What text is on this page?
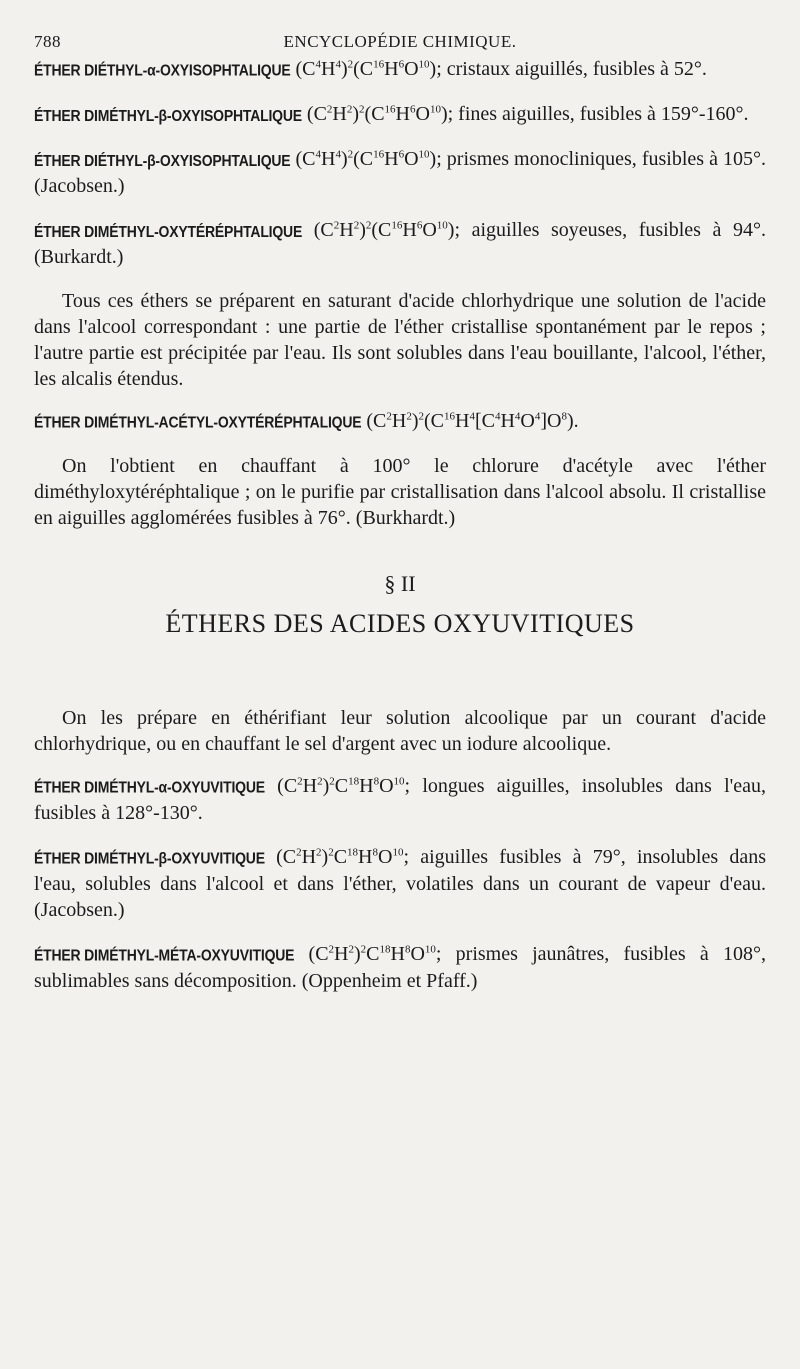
788	ENCYCLOPÉDIE CHIMIQUE.

ÉTHER DIÉTHYL-α-OXYISOPHTALIQUE $(C^4H^4)^2(C^{16}H^6O^{10})$; cristaux aiguillés, fusibles à 52°.

ÉTHER DIMÉTHYL-β-OXYISOPHTALIQUE $(C^2H^2)^2(C^{16}H^6O^{10})$; fines aiguilles, fusibles à 159°-160°.

ÉTHER DIÉTHYL-β-OXYISOPHTALIQUE $(C^4H^4)^2(C^{16}H^6O^{10})$; prismes monocliniques, fusibles à 105°. (Jacobsen.)

ÉTHER DIMÉTHYL-OXYTÉRÉPHTALIQUE $(C^2H^2)^2(C^{16}H^6O^{10})$; aiguilles soyeuses, fusibles à 94°. (Burkardt.)

Tous ces éthers se préparent en saturant d'acide chlorhydrique une solution de l'acide dans l'alcool correspondant : une partie de l'éther cristallise spontanément par le repos ; l'autre partie est précipitée par l'eau. Ils sont solubles dans l'eau bouillante, l'alcool, l'éther, les alcalis étendus.

ÉTHER DIMÉTHYL-ACÉTYL-OXYTÉRÉPHTALIQUE $(C^2H^2)^2(C^{16}H^4[C^4H^4O^4]O^8)$.

On l'obtient en chauffant à 100° le chlorure d'acétyle avec l'éther diméthyloxytéréphtalique ; on le purifie par cristallisation dans l'alcool absolu. Il cristallise en aiguilles agglomérées fusibles à 76°. (Burkhardt.)

§ II
ÉTHERS DES ACIDES OXYUVITIQUES

On les prépare en éthérifiant leur solution alcoolique par un courant d'acide chlorhydrique, ou en chauffant le sel d'argent avec un iodure alcoolique.

ÉTHER DIMÉTHYL-α-OXYUVITIQUE $(C^2H^2)^2C^{18}H^8O^{10}$; longues aiguilles, insolubles dans l'eau, fusibles à 128°-130°.

ÉTHER DIMÉTHYL-β-OXYUVITIQUE $(C^2H^2)^2C^{18}H^8O^{10}$; aiguilles fusibles à 79°, insolubles dans l'eau, solubles dans l'alcool et dans l'éther, volatiles dans un courant de vapeur d'eau. (Jacobsen.)

ÉTHER DIMÉTHYL-MÉTA-OXYUVITIQUE $(C^2H^2)^2C^{18}H^8O^{10}$; prismes jaunâtres, fusibles à 108°, sublimables sans décomposition. (Oppenheim et Pfaff.)
